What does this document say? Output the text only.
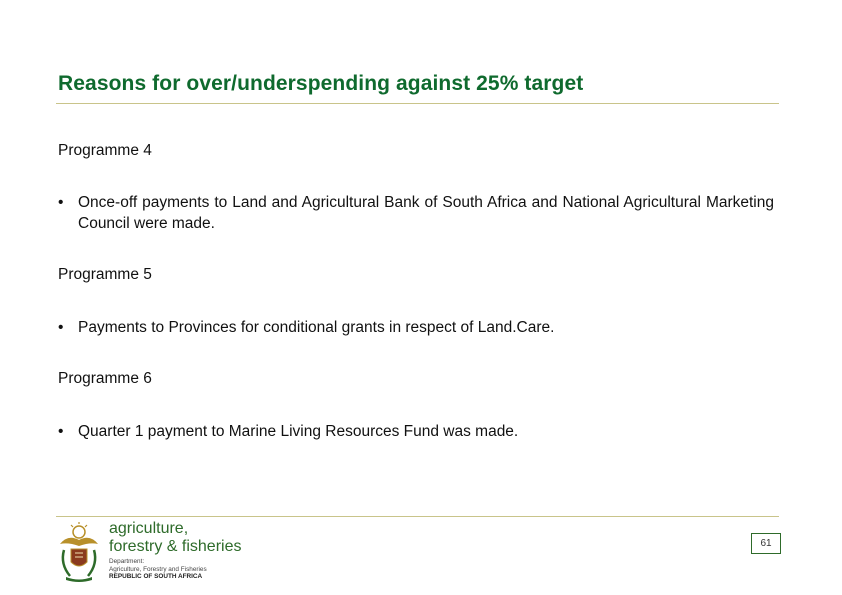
Reasons for over/underspending against 25% target
Programme 4
• Once-off payments to Land and Agricultural Bank of South Africa and National Agricultural Marketing Council were made.
Programme 5
• Payments to Provinces for conditional grants in respect of Land.Care.
Programme 6
• Quarter 1 payment to Marine Living Resources Fund was made.
agriculture,
forestry & fisheries
Department:
Agriculture, Forestry and Fisheries
REPUBLIC OF SOUTH AFRICA
61
